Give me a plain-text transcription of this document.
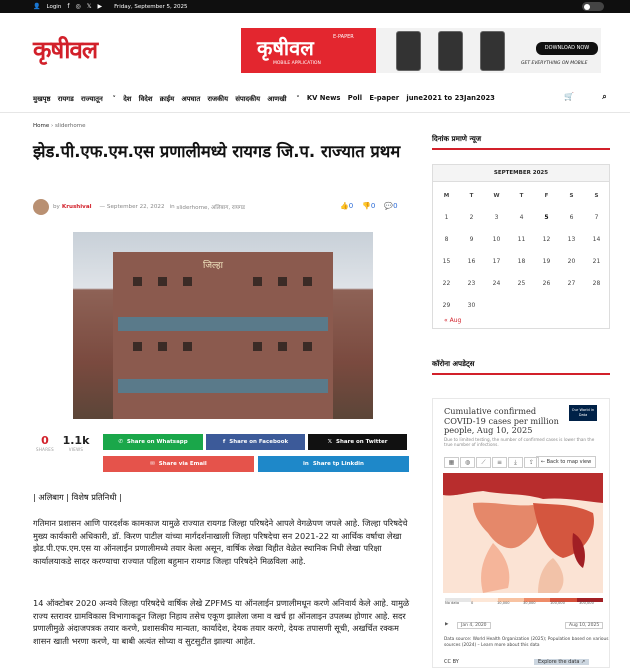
👤 Login f ◎ 𝕏 ▶ Friday, September 5, 2025
कृषीवल	कृषीवल	E-PAPER
MOBILE APPLICATION
DOWNLOAD NOW
GET EVERYTHING ON MOBILE
मुखपृष्ठ रायगड राज्यातून ˅ देश विदेश क्राईम अपघात राजकीय संपादकीय आणखी ˅ KV News Poll E-paper june2021 to 23Jan2023	🛒	⌕
Home › sliderhome
झेड.पी.एफ.एम.एस प्रणालीमध्ये रायगड जि.प. राज्यात प्रथम
by Krushival —
September 22, 2022 in
sliderhome, अलिबाग, रायगड	👍0 👎0 💬0
जिल्हा
0
SHARES
1.1k
VIEWS
✆ Share on Whatsapp	f Share on Facebook	𝕏 Share on Twitter
✉ Share via Email	in Share tp Linkdin
| अलिबाग | विशेष प्रतिनिधी |

गतिमान प्रशासन आणि पारदर्शक कामकाज यामुळे राज्यात रायगड जिल्हा परिषदेने आपले वेगळेपण जपले आहे. जिल्हा परिषदेचे मुख्य कार्यकारी अधिकारी, डॉ. किरण पाटील यांच्या मार्गदर्शनाखाली जिल्हा परिषदेचा सन 2021-22 या आर्थिक वर्षाचा लेखा झेड.पी.एफ.एम.एस या ऑनलाईन प्रणालीमध्ये तयार केला असून, वार्षिक लेखा विहीत वेळेत स्थानिक निधी लेखा परिक्षा कार्यालयाकडे सादर करण्याचा राज्यात पहिला बहुमान रायगड जिल्हा परिषदेने मिळविला आहे.

14 ऑक्टोबर 2020 अन्वये जिल्हा परिषदेचे वार्षिक लेखे ZPFMS या ऑनलाईन प्रणालीमधून करणे अनिवार्य केले आहे. यामुळे राज्य स्तरावर ग्रामविकास विभागाकडून जिल्हा निहाय तसेच एकूण झालेला जमा व खर्च हा ऑनलाइन उपलब्ध होणार आहे. सदर प्रणालीमुळे अंदाजपत्रक तयार करणे, प्रशासकीय मान्यता, कार्यादेश, देयक तयार करणे, देयक तपासणी सूची, अखर्चित रक्कम शासन खाती भरणा करणे, या बाबी अत्यंत सोप्या व सुटसुटीत झाल्या आहेत.

दिनांक प्रमाणे न्यूज
SEPTEMBER 2025
M	T	W	T	F	S	S
1	2	3	4	5	6	7
8	9	10	11	12	13	14
15	16	17	18	19	20	21
22	23	24	25	26	27	28
29	30
« Aug
कॉरोना अपडेट्स
Cumulative confirmed COVID-19 cases per million people, Aug 10, 2025
Our World in Data
Due to limited testing, the number of confirmed cases is lower than the true number of infections.
▦	◍	⟋	≡	⤓	⇪	← Back to map view
No data	0	10,000	30,000	100,000	300,000
▶	Jan 4, 2020	Aug 10, 2025
Data source: World Health Organization (2025); Population based on various sources (2024) – Learn more about this data
CC BY	Explore the data ↗
